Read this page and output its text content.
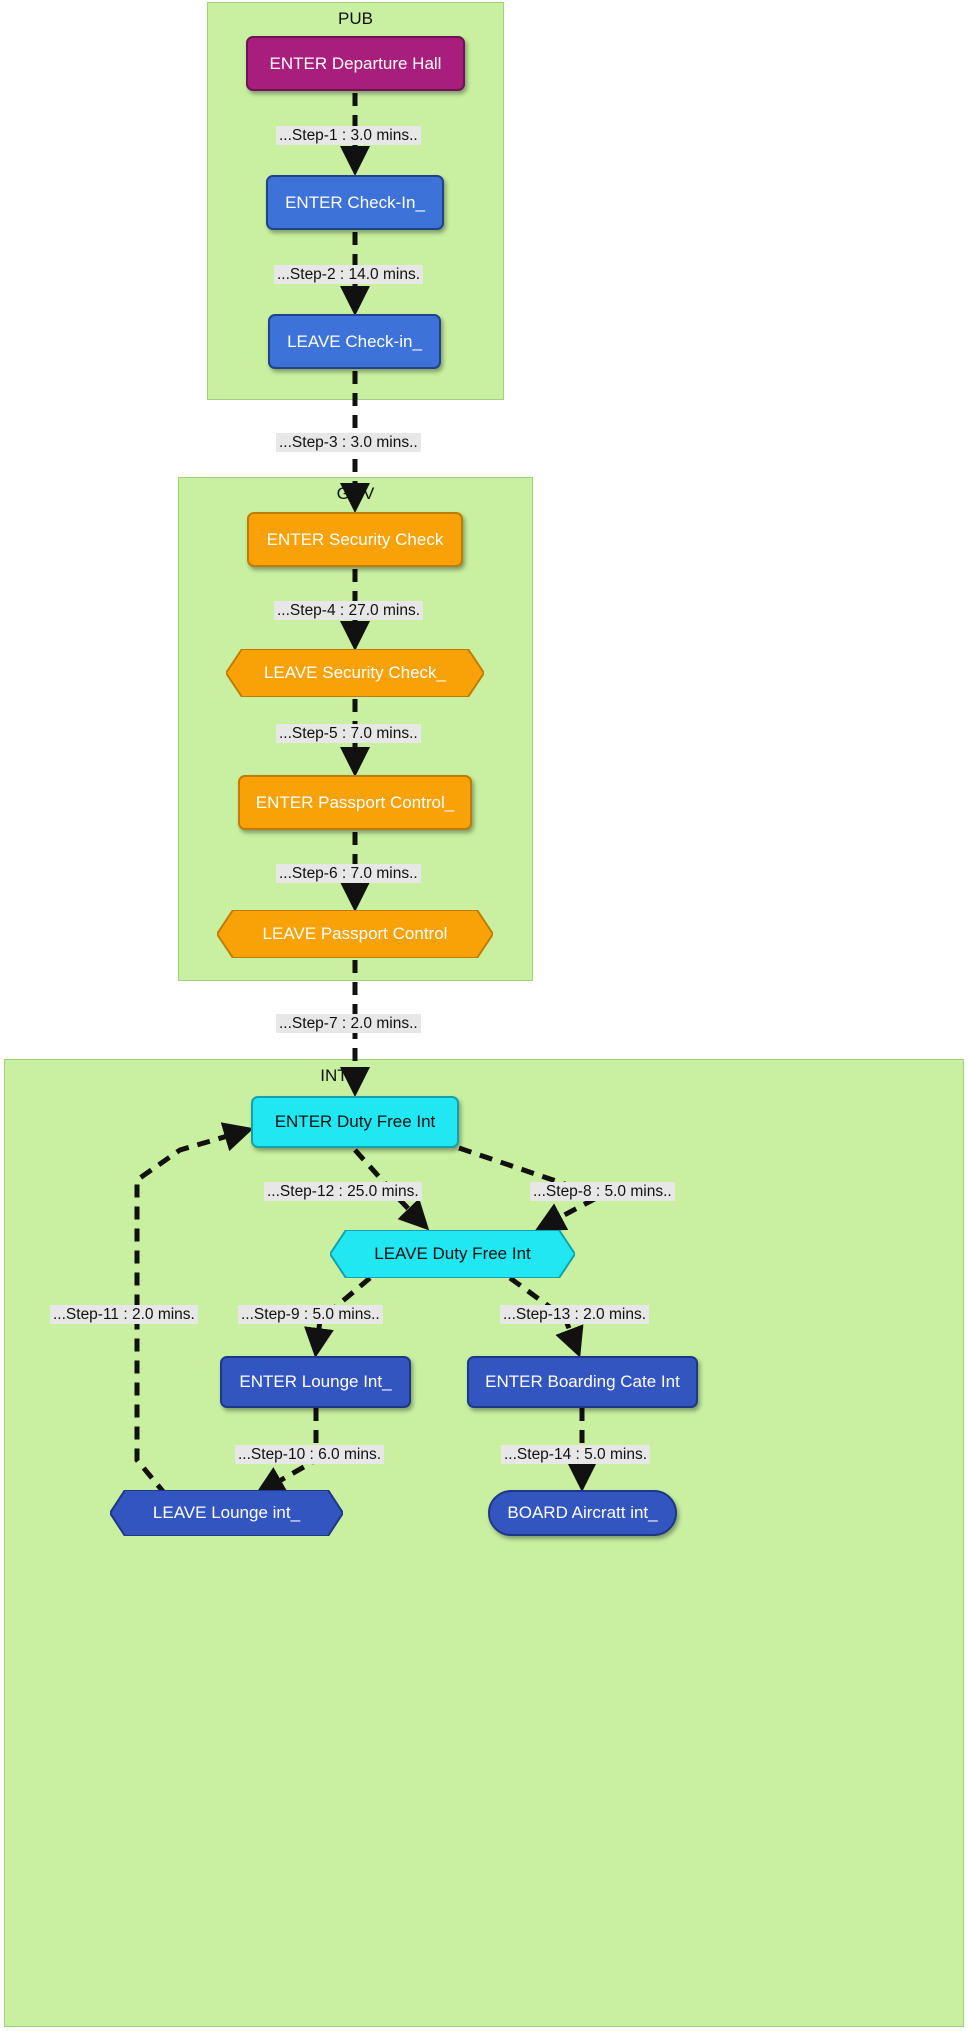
PUB
GOV
INT
ENTER Departure Hall
ENTER Check-In_
LEAVE Check-in_
ENTER Security Check
LEAVE Security Check_
ENTER Passport Control_
LEAVE Passport Control
ENTER Duty Free Int
LEAVE Duty Free Int
ENTER Lounge Int_	ENTER Boarding Cate Int
LEAVE Lounge int_	BOARD Aircratt int_
...Step-1 : 3.0 mins..
...Step-2 : 14.0 mins.
...Step-3 : 3.0 mins..
...Step-4 : 27.0 mins.
...Step-5 : 7.0 mins..
...Step-6 : 7.0 mins..
...Step-7 : 2.0 mins..
...Step-8 : 5.0 mins..
...Step-9 : 5.0 mins..
...Step-10 : 6.0 mins.
...Step-11 : 2.0 mins.
...Step-12 : 25.0 mins.
...Step-13 : 2.0 mins.
...Step-14 : 5.0 mins.
